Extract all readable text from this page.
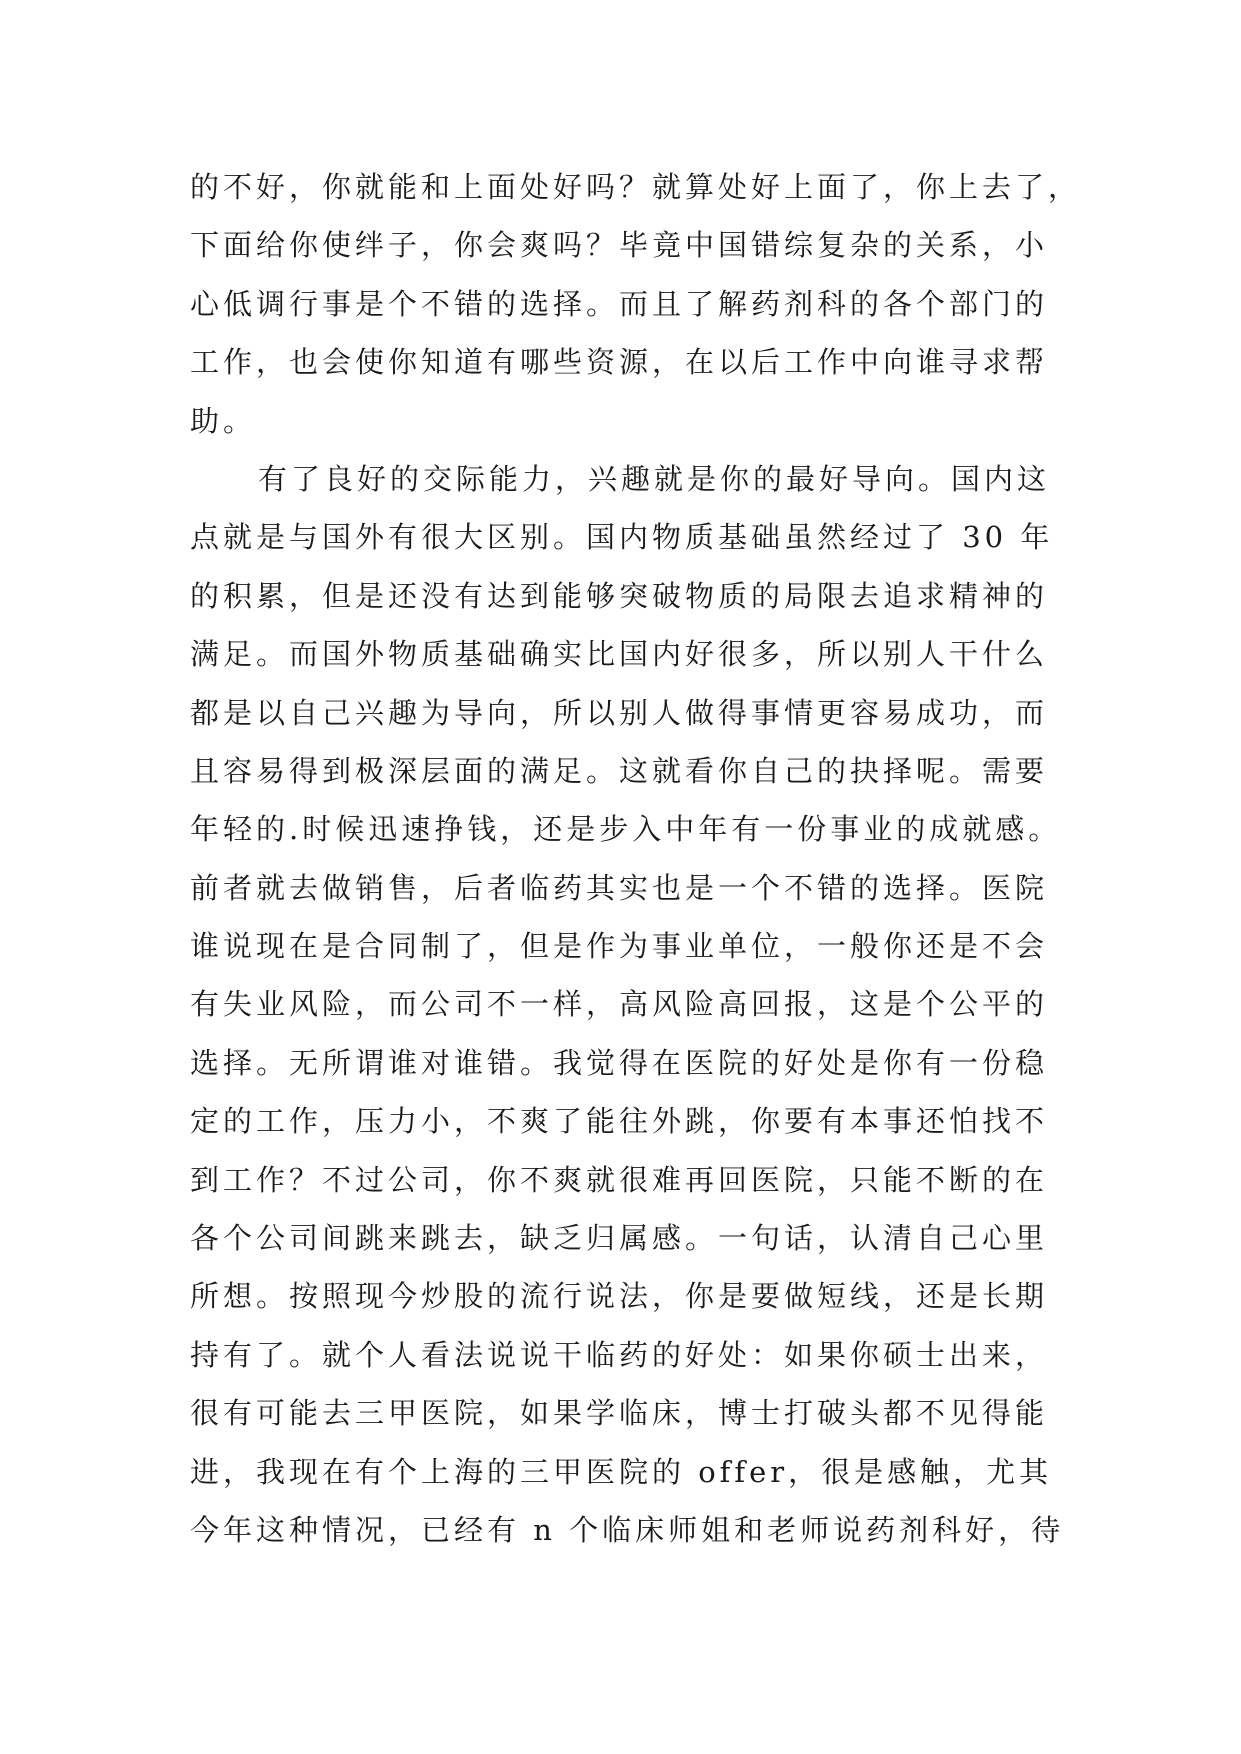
的不好，你就能和上面处好吗？就算处好上面了，你上去了，
下面给你使绊子，你会爽吗？毕竟中国错综复杂的关系，小
心低调行事是个不错的选择。而且了解药剂科的各个部门的
工作，也会使你知道有哪些资源，在以后工作中向谁寻求帮
助。
有了良好的交际能力，兴趣就是你的最好导向。国内这
点就是与国外有很大区别。国内物质基础虽然经过了 30 年
的积累，但是还没有达到能够突破物质的局限去追求精神的
满足。而国外物质基础确实比国内好很多，所以别人干什么
都是以自己兴趣为导向，所以别人做得事情更容易成功，而
且容易得到极深层面的满足。这就看你自己的抉择呢。需要
年轻的.时候迅速挣钱，还是步入中年有一份事业的成就感。
前者就去做销售，后者临药其实也是一个不错的选择。医院
谁说现在是合同制了，但是作为事业单位，一般你还是不会
有失业风险，而公司不一样，高风险高回报，这是个公平的
选择。无所谓谁对谁错。我觉得在医院的好处是你有一份稳
定的工作，压力小，不爽了能往外跳，你要有本事还怕找不
到工作？不过公司，你不爽就很难再回医院，只能不断的在
各个公司间跳来跳去，缺乏归属感。一句话，认清自己心里
所想。按照现今炒股的流行说法，你是要做短线，还是长期
持有了。就个人看法说说干临药的好处：如果你硕士出来，
很有可能去三甲医院，如果学临床，博士打破头都不见得能
进，我现在有个上海的三甲医院的 offer，很是感触，尤其
今年这种情况，已经有 n 个临床师姐和老师说药剂科好，待
